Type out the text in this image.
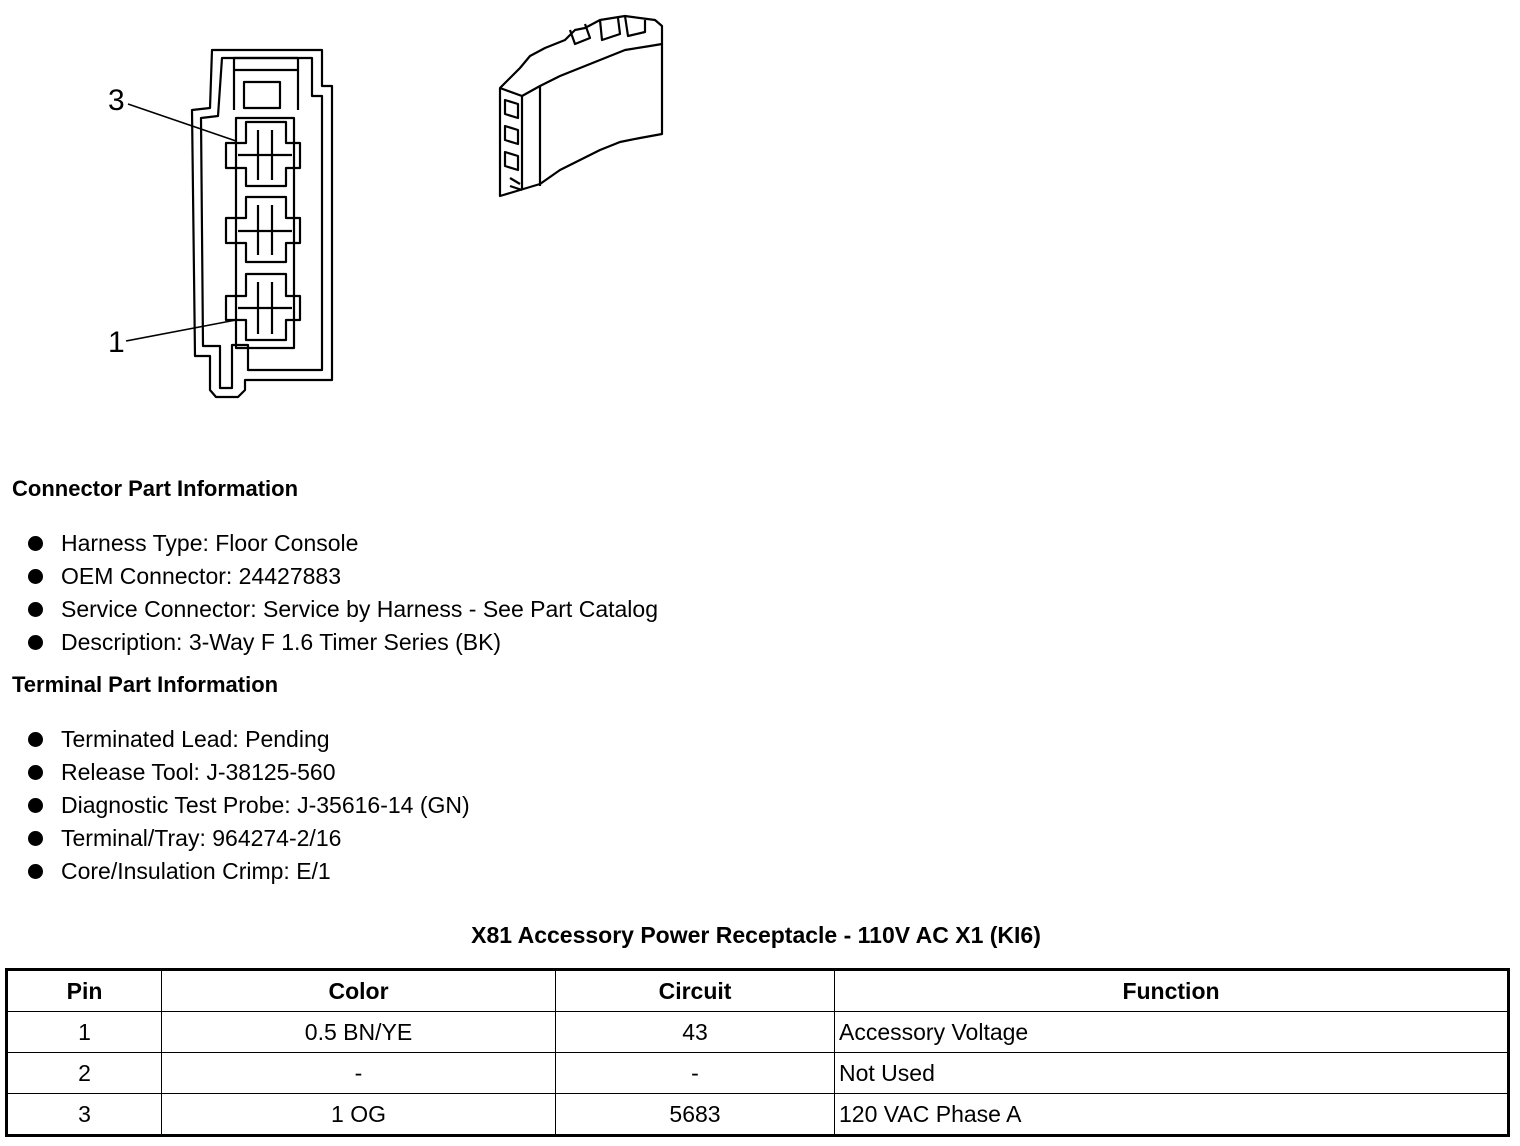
3
1
Connector Part Information
Harness Type: Floor Console
OEM Connector: 24427883
Service Connector: Service by Harness - See Part Catalog
Description: 3-Way F 1.6 Timer Series (BK)
Terminal Part Information
Terminated Lead: Pending
Release Tool: J-38125-560
Diagnostic Test Probe: J-35616-14 (GN)
Terminal/Tray: 964274-2/16
Core/Insulation Crimp: E/1
X81 Accessory Power Receptacle - 110V AC X1 (KI6)
Pin	Color	Circuit	Function
1	0.5 BN/YE	43	Accessory Voltage
2	-	-	Not Used
3	1 OG	5683	120 VAC Phase A
